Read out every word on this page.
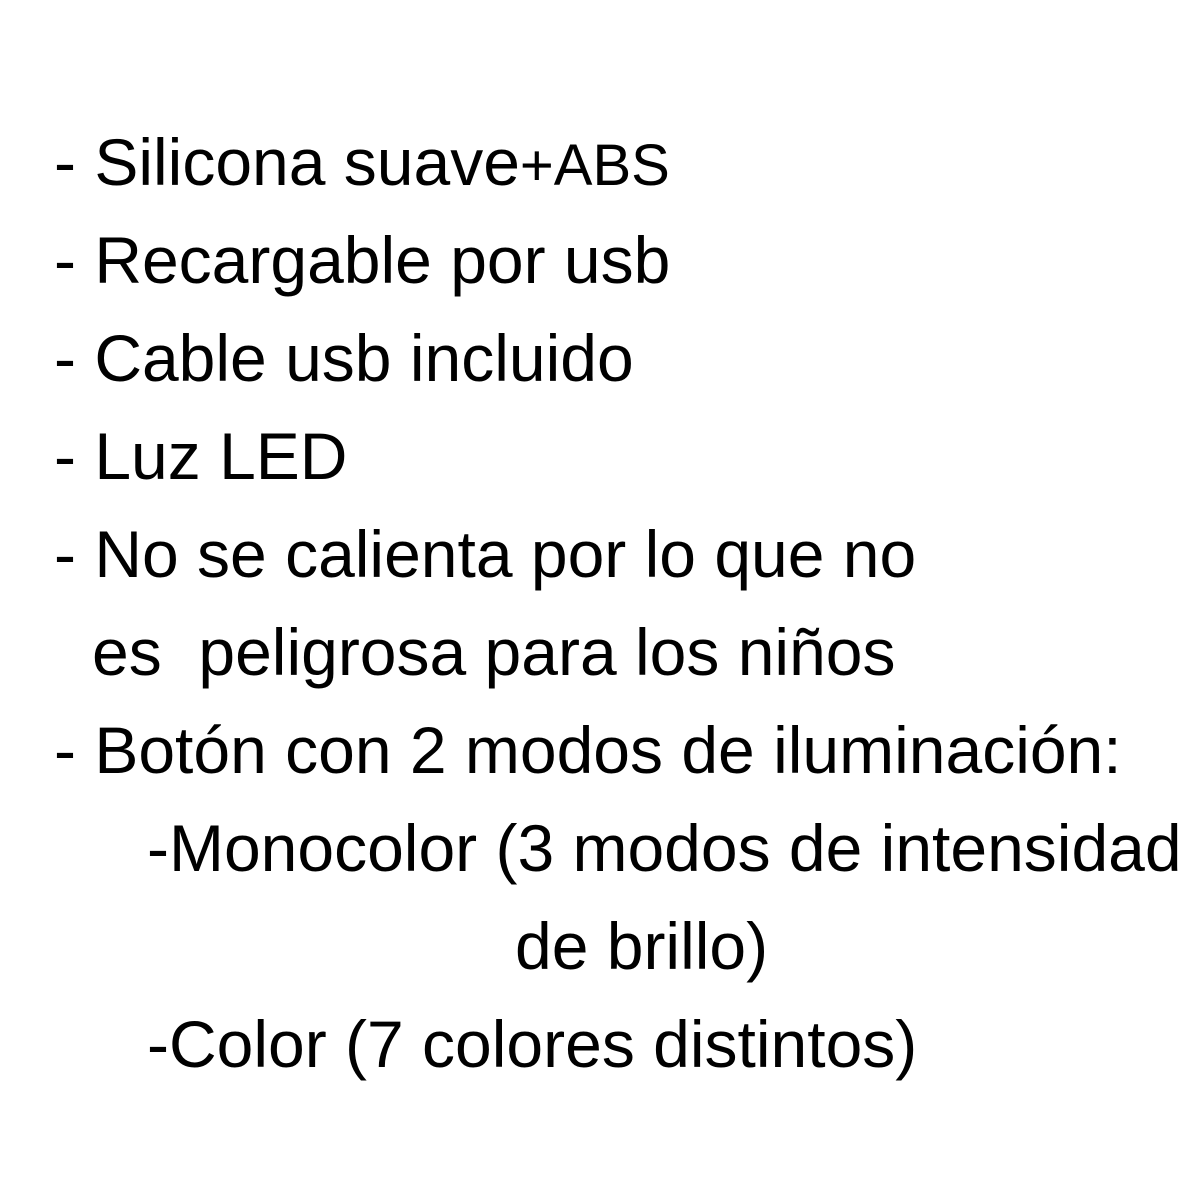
- Silicona suave+ABS
- Recargable por usb
- Cable usb incluido
- Luz LED
- No se calienta por lo que no
es  peligrosa para los niños
- Botón con 2 modos de iluminación:
-Monocolor (3 modos de intensidad
de brillo)
-Color (7 colores distintos)
